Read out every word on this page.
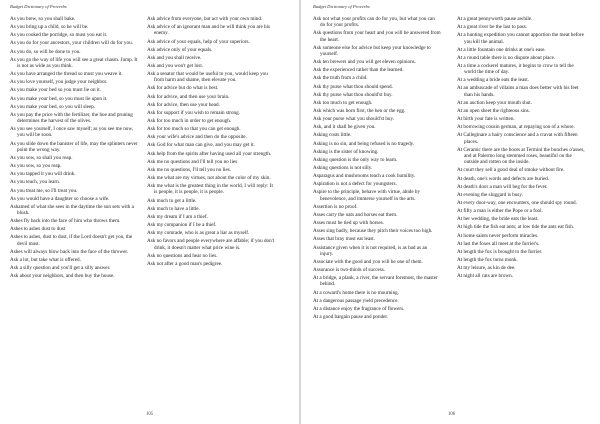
Budget Dictionary of Proverbs

As you brew, so you shall bake.

As you bring up a child, so he will be.

As you cooked the porridge, so must you eat it.

As you do for your ancestors, your children will do for you.

As you do, so will be done to you.

As you go the way of life you will see a great chasm. Jump. It is not as wide as you think.

As you have arranged the thread so must you weave it.

As you love yourself, you judge your neighbor.

As you make your bed so you must lie on it.

As you make your bed, so you must lie upon it.

As you make your bed, so you will sleep.

As you pay the price with the fertilizer, the hoe and pruning determines the harvest of the olives.

As you see yourself, I once saw myself; as you see me now, you will be soon.

As you slide down the banister of life, may the splinters never point the wrong way.

As you sow, so shall you reap.

As you sow, so you reap.

As you tapped it you will drink.

As you teach, you learn.

As you treat me, so I'll treat you.

As you would have a daughter so choose a wife.

Ashamed of what she sees in the daytime the sun sets with a blush.

Ashes fly back into the face of him who throws them.

Ashes to ashes dust to dust

Ashes to ashes, dust to dust, if the Lord doesn't get you, the devil must.

Ashes will always blow back into the face of the thrower.

Ask a lot, but take what is offered.

Ask a silly question and you'll get a silly answer.

Ask about your neighbors, and then buy the house.

Ask advice from everyone, but act with your own mind.

Ask advice of an ignorant man and he will think you are his enemy.

Ask advice of your equals, help of your superiors.

Ask advice only of your equals.

Ask and you shall receive.

Ask and you won't get lost.

Ask a senator that would be useful to you, would keep you from harm and shame, then elevate you.

Ask for advice but do what is best.

Ask for advice, and then use your brain.

Ask for advice, then use your head.

Ask for support if you wish to remain strong.

Ask for too much in order to get enough.

Ask for too much so that you can get enough.

Ask your wife's advice and then do the opposite.

Ask God for what man can give, and you may get it.

Ask help from the spirits after having used all your strength.

Ask me no questions and I'll tell you no lies

Ask me no questions, I'll tell you no lies.

Ask me what are my virtues, not about the color of my skin.

Ask me what is the greatest thing in the world, I will reply: It is people, it is people, it is people.

Ask much to get a little.

Ask much to have a little.

Ask my dream if I am a thief.

Ask my companion if I be a thief.

Ask my comrade, who is as great a liar as myself.

Ask no favors and people everywhere are affable; if you don't drink, it doesn't matter what price wine is.

Ask no questions and hear no lies.

Ask not after a good man's pedigree.

105
Budget Dictionary of Proverbs

Ask not what your profits can do for you, but what you can do for your profits.

Ask questions from your heart and you will be answered from the heart.

Ask someone else for advice but keep your knowledge to yourself.

Ask ten brewers and you will get eleven opinions.

Ask the experienced rather than the learned.

Ask the truth from a child.

Ask thy purse what thou should spend.

Ask thy purse what thou should'st buy.

Ask too much to get enough.

Ask which was born first, the hen or the egg.

Ask your purse what you should'st buy.

Ask, and it shall be given you.

Asking costs little.

Asking is no sin, and being refused is no tragedy.

Asking is the sister of knowing.

Asking question is the only way to learn.

Asking questions is not silly.

Asparagus and mushrooms teach a cook humility.

Aspiration is not a defect for youngsters.

Aspire to the principle, behave with virtue, abide by benevolence, and immerse yourself in the arts.

Assertion is no proof.

Asses carry the oats and horses eat them.

Asses must be tied up with horses.

Asses sing badly, because they pitch their voices too high.

Asses that bray most eat least.

Assistance given when it is not required, is as bad as an injury.

Associate with the good and you will be one of them.

Assurance is two-thirds of success.

At a bridge, a plank, a river, the servant foremost, the master behind.

At a coward's home there is no mourning.

At a dangerous passage yield precedence.

At a distance enjoy the fragrance of flowers.

At a good bargain pause and ponder.

At a great pennyworth pause awhile.

At a great river be the last to pass.

At a hunting expedition you cannot apportion the meat before you kill the animal.

At a little fountain one drinks at one's ease.

At a round table there is no dispute about place.

At a time a cockerel matures, it begins to crow to tell the world the time of day.

At a wedding a bride eats the least.

At an ambuscade of villains a man does better with his feet than his hands.

At an auction keep your mouth shut.

At an open sheet the righteous sins.

At birth your fate is written.

At borrowing cousin german, at repaying son of a whore.

At Calleginare a hairy conscience and a cravat with fifteen places.

At Ceramic there are the boots at Termini the bunches o'asses, and at Palermo long stemmed roses, beautiful on the outside and rotten on the inside.

At court they sell a good deal of smoke without fire.

At death, one's words and defects are buried.

At death's door a man will beg for the fever.

At evening the sluggard is busy.

At every door-way, one encounters, one should spy round.

At fifty a man is either the Pope or a fool.

At her wedding, the bride eats the least.

At high tide the fish eat ants; at low tide the ants eat fish.

At home saints never perform miracles.

At last the foxes all meet at the furrier's.

At length the fox is brought to the furrier.

At length the fox turns monk.

At my leisure, as kin de dee.

At night all cats are brown.

106
